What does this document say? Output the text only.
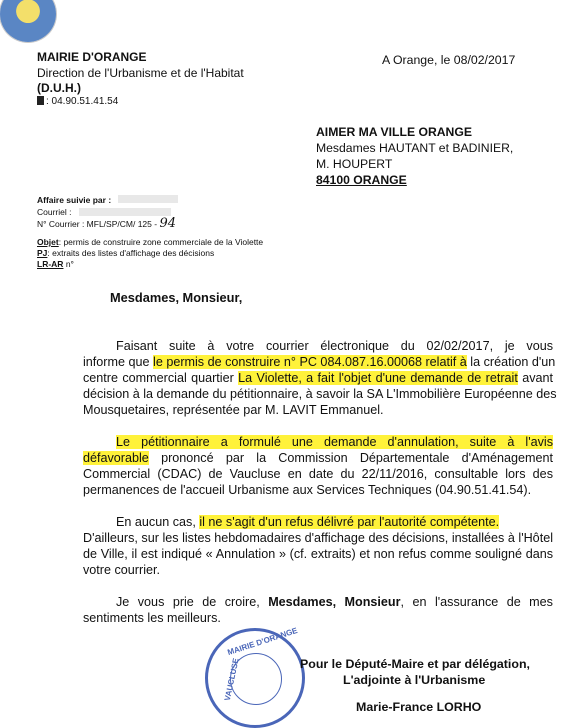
MAIRIE D'ORANGE
Direction de l'Urbanisme et de l'Habitat
(D.U.H.)
: 04.90.51.41.54
A Orange, le 08/02/2017
AIMER MA VILLE ORANGE
Mesdames HAUTANT et BADINIER,
M. HOUPERT
84100 ORANGE
Affaire suivie par :
Courriel :
N° Courrier : MFL/SP/CM/ 125 - 94
Objet: permis de construire zone commerciale de la Violette
PJ: extraits des listes d'affichage des décisions
LR-AR n°
Mesdames, Monsieur,
Faisant suite à votre courrier électronique du 02/02/2017, je vous
informe que le permis de construire n° PC 084.087.16.00068 relatif à la création d'un
centre commercial quartier La Violette, a fait l'objet d'une demande de retrait avant
décision à la demande du pétitionnaire, à savoir la SA L'Immobilière Européenne des
Mousquetaires, représentée par M. LAVIT Emmanuel.
Le pétitionnaire a formulé une demande d'annulation, suite à l'avis
défavorable prononcé par la Commission Départementale d'Aménagement
Commercial (CDAC) de Vaucluse en date du 22/11/2016, consultable lors des
permanences de l'accueil Urbanisme aux Services Techniques (04.90.51.41.54).
En aucun cas, il ne s'agit d'un refus délivré par l'autorité compétente.
D'ailleurs, sur les listes hebdomadaires d'affichage des décisions, installées à l'Hôtel
de Ville, il est indiqué « Annulation » (cf. extraits) et non refus comme souligné dans
votre courrier.
Je vous prie de croire, Mesdames, Monsieur, en l'assurance de mes
sentiments les meilleurs.
MAIRIE D'ORANGE
VAUCLUSE	Pour le Député-Maire et par délégation,
L'adjointe à l'Urbanisme
Marie-France LORHO
